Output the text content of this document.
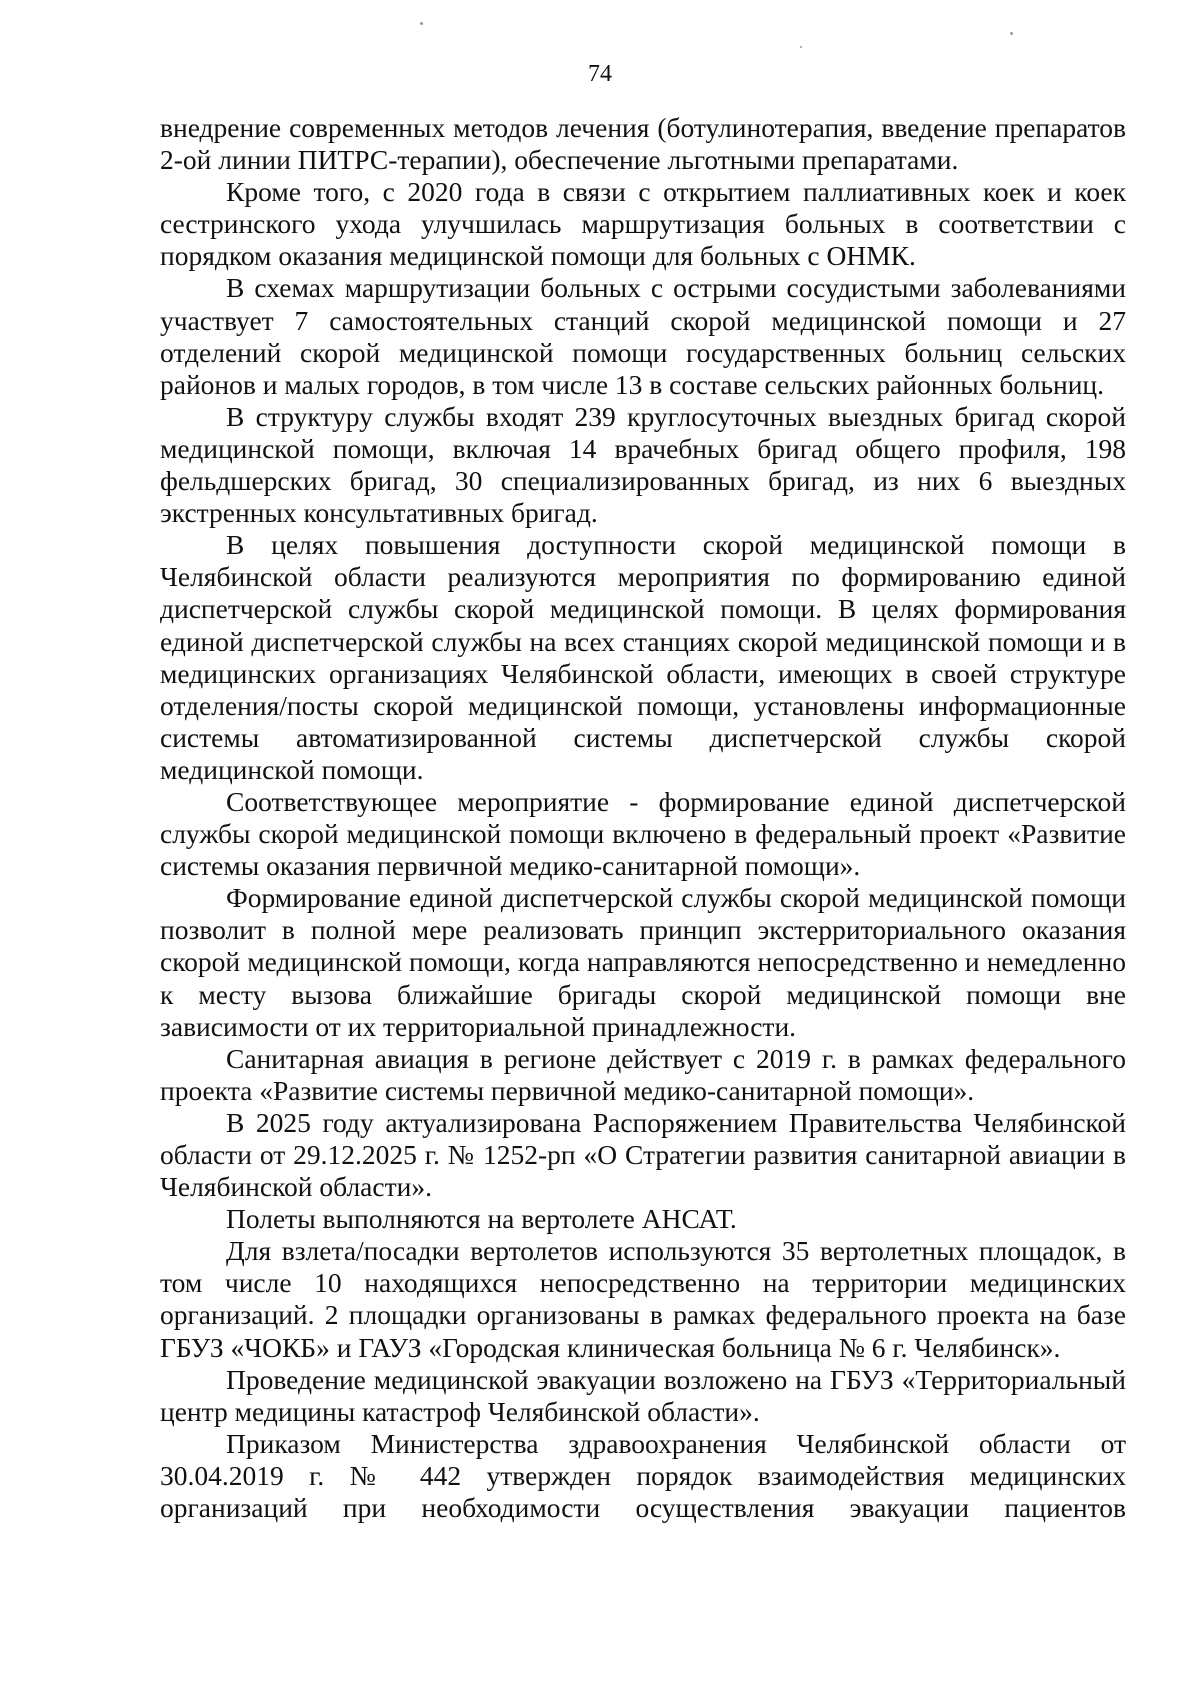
74

внедрение современных методов лечения (ботулинотерапия, введение препаратов 2-ой линии ПИТРС-терапии), обеспечение льготными препаратами.

Кроме того, с 2020 года в связи с открытием паллиативных коек и коек сестринского ухода улучшилась маршрутизация больных в соответствии с порядком оказания медицинской помощи для больных с ОНМК.

В схемах маршрутизации больных с острыми сосудистыми заболеваниями участвует 7 самостоятельных станций скорой медицинской помощи и 27 отделений скорой медицинской помощи государственных больниц сельских районов и малых городов, в том числе 13 в составе сельских районных больниц.

В структуру службы входят 239 круглосуточных выездных бригад скорой медицинской помощи, включая 14 врачебных бригад общего профиля, 198 фельдшерских бригад, 30 специализированных бригад, из них 6 выездных экстренных консультативных бригад.

В целях повышения доступности скорой медицинской помощи в Челябинской области реализуются мероприятия по формированию единой диспетчерской службы скорой медицинской помощи. В целях формирования единой диспетчерской службы на всех станциях скорой медицинской помощи и в медицинских организациях Челябинской области, имеющих в своей структуре отделения/посты скорой медицинской помощи, установлены информационные системы автоматизированной системы диспетчерской службы скорой медицинской помощи.

Соответствующее мероприятие - формирование единой диспетчерской службы скорой медицинской помощи включено в федеральный проект «Развитие системы оказания первичной медико-санитарной помощи».

Формирование единой диспетчерской службы скорой медицинской помощи позволит в полной мере реализовать принцип экстерриториального оказания скорой медицинской помощи, когда направляются непосредственно и немедленно к месту вызова ближайшие бригады скорой медицинской помощи вне зависимости от их территориальной принадлежности.

Санитарная авиация в регионе действует с 2019 г. в рамках федерального проекта «Развитие системы первичной медико-санитарной помощи».

В 2025 году актуализирована Распоряжением Правительства Челябинской области от 29.12.2025 г. № 1252-рп «О Стратегии развития санитарной авиации в Челябинской области».

Полеты выполняются на вертолете АНСАТ.

Для взлета/посадки вертолетов используются 35 вертолетных площадок, в том числе 10 находящихся непосредственно на территории медицинских организаций. 2 площадки организованы в рамках федерального проекта на базе ГБУЗ «ЧОКБ» и ГАУЗ «Городская клиническая больница № 6 г. Челябинск».

Проведение медицинской эвакуации возложено на ГБУЗ «Территориальный центр медицины катастроф Челябинской области».

Приказом Министерства здравоохранения Челябинской области от 30.04.2019 г. № 442 утвержден порядок взаимодействия медицинских организаций при необходимости осуществления эвакуации пациентов
